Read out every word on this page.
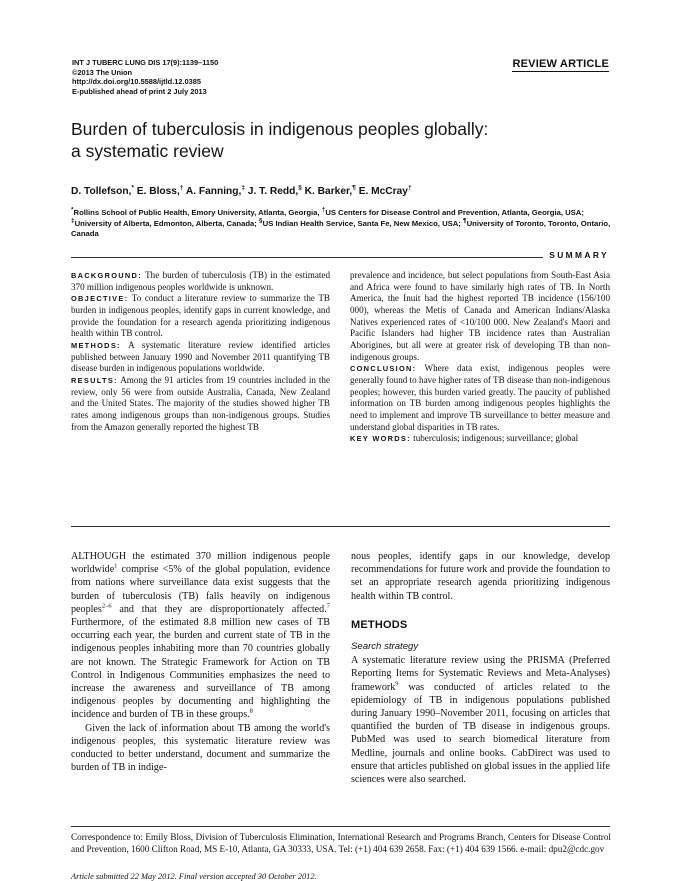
INT J TUBERC LUNG DIS 17(9):1139–1150
©2013 The Union
http://dx.doi.org/10.5588/ijtld.12.0385
E-published ahead of print 2 July 2013
REVIEW ARTICLE
Burden of tuberculosis in indigenous peoples globally:
a systematic review
D. Tollefson,* E. Bloss,† A. Fanning,‡ J. T. Redd,§ K. Barker,¶ E. McCray†
*Rollins School of Public Health, Emory University, Atlanta, Georgia, †US Centers for Disease Control and Prevention, Atlanta, Georgia, USA; ‡University of Alberta, Edmonton, Alberta, Canada; §US Indian Health Service, Santa Fe, New Mexico, USA; ¶University of Toronto, Toronto, Ontario, Canada
SUMMARY

BACKGROUND: The burden of tuberculosis (TB) in the estimated 370 million indigenous peoples worldwide is unknown.

OBJECTIVE: To conduct a literature review to summarize the TB burden in indigenous peoples, identify gaps in current knowledge, and provide the foundation for a research agenda prioritizing indigenous health within TB control.

METHODS: A systematic literature review identified articles published between January 1990 and November 2011 quantifying TB disease burden in indigenous populations worldwide.

RESULTS: Among the 91 articles from 19 countries included in the review, only 56 were from outside Australia, Canada, New Zealand and the United States. The majority of the studies showed higher TB rates among indigenous groups than non-indigenous groups. Studies from the Amazon generally reported the highest TB

prevalence and incidence, but select populations from South-East Asia and Africa were found to have similarly high rates of TB. In North America, the Inuit had the highest reported TB incidence (156/100 000), whereas the Metis of Canada and American Indians/Alaska Natives experienced rates of <10/100 000. New Zealand's Maori and Pacific Islanders had higher TB incidence rates than Australian Aborigines, but all were at greater risk of developing TB than non-indigenous groups.

CONCLUSION: Where data exist, indigenous peoples were generally found to have higher rates of TB disease than non-indigenous peoples; however, this burden varied greatly. The paucity of published information on TB burden among indigenous peoples highlights the need to implement and improve TB surveillance to better measure and understand global disparities in TB rates.

KEY WORDS: tuberculosis; indigenous; surveillance; global

ALTHOUGH the estimated 370 million indigenous people worldwide$^1$ comprise <5% of the global population, evidence from nations where surveillance data exist suggests that the burden of tuberculosis (TB) falls heavily on indigenous peoples$^{2-6}$ and that they are disproportionately affected.$^7$ Furthermore, of the estimated 8.8 million new cases of TB occurring each year, the burden and current state of TB in the indigenous peoples inhabiting more than 70 countries globally are not known. The Strategic Framework for Action on TB Control in Indigenous Communities emphasizes the need to increase the awareness and surveillance of TB among indigenous peoples by documenting and highlighting the incidence and burden of TB in these groups.$^8$

Given the lack of information about TB among the world's indigenous peoples, this systematic literature review was conducted to better understand, document and summarize the burden of TB in indige-

nous peoples, identify gaps in our knowledge, develop recommendations for future work and provide the foundation to set an appropriate research agenda prioritizing indigenous health within TB control.

METHODS
Search strategy

A systematic literature review using the PRISMA (Preferred Reporting Items for Systematic Reviews and Meta-Analyses) framework$^9$ was conducted of articles related to the epidemiology of TB in indigenous populations published during January 1990–November 2011, focusing on articles that quantified the burden of TB disease in indigenous groups. PubMed was used to search biomedical literature from Medline, journals and online books. CabDirect was used to ensure that articles published on global issues in the applied life sciences were also searched.

Correspondence to: Emily Bloss, Division of Tuberculosis Elimination, International Research and Programs Branch, Centers for Disease Control and Prevention, 1600 Clifton Road, MS E-10, Atlanta, GA 30333, USA. Tel: (+1) 404 639 2658. Fax: (+1) 404 639 1566. e-mail: dpu2@cdc.gov
Article submitted 22 May 2012. Final version accepted 30 October 2012.
